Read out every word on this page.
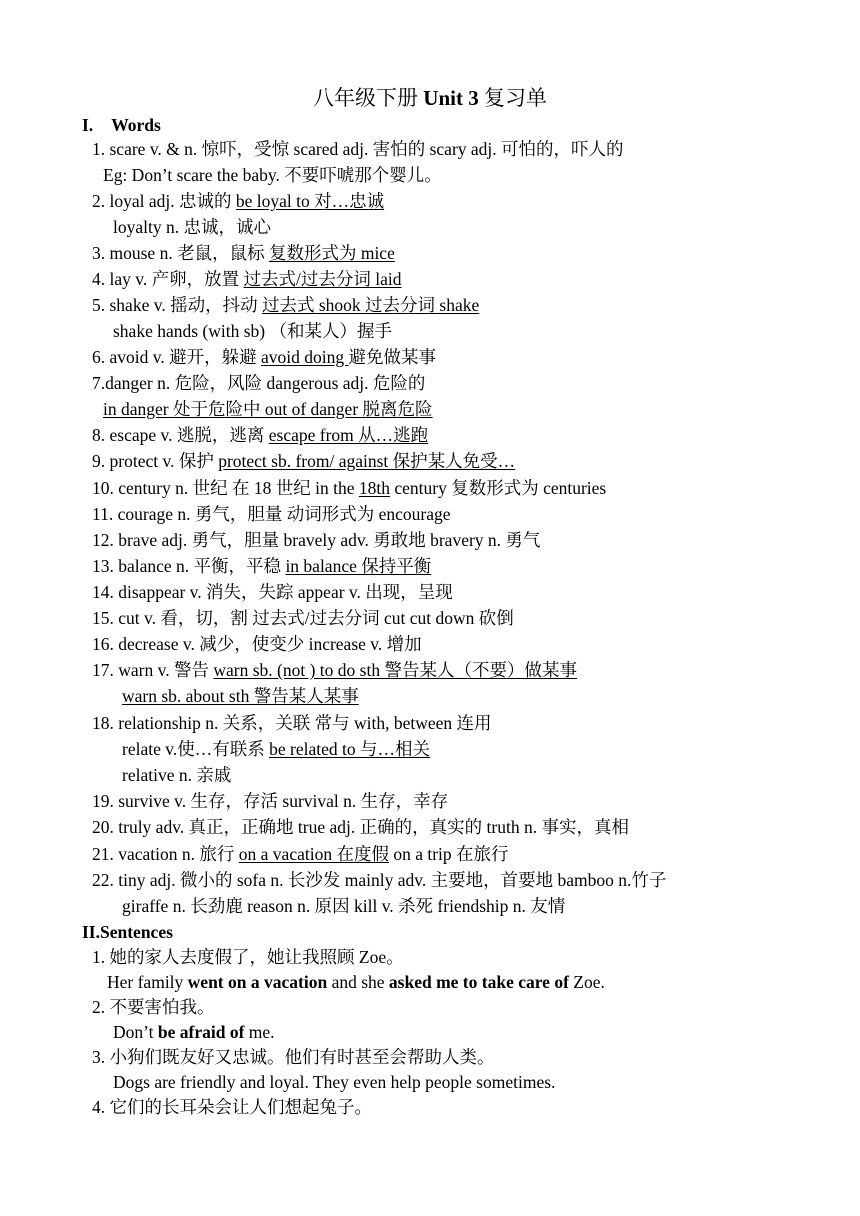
八年级下册 Unit 3 复习单
I. Words
1. scare v. & n. 惊吓，受惊 scared adj. 害怕的 scary adj. 可怕的，吓人的
Eg: Don’t scare the baby. 不要吓唬那个婴儿。
2. loyal adj. 忠诚的 be loyal to 对…忠诚
loyalty n. 忠诚，诚心
3. mouse n. 老鼠，鼠标 复数形式为 mice
4. lay v. 产卵，放置 过去式/过去分词 laid
5. shake v. 摇动，抖动 过去式 shook 过去分词 shake
shake hands (with sb) （和某人）握手
6. avoid v. 避开，躲避 avoid doing 避免做某事
7.danger n. 危险，风险 dangerous adj. 危险的
in danger 处于危险中 out of danger 脱离危险
8. escape v. 逃脱，逃离 escape from 从…逃跑
9. protect v. 保护 protect sb. from/ against 保护某人免受…
10. century n. 世纪 在 18 世纪 in the 18th century 复数形式为 centuries
11. courage n. 勇气，胆量 动词形式为 encourage
12. brave adj. 勇气，胆量 bravely adv. 勇敢地 bravery n. 勇气
13. balance n. 平衡，平稳 in balance 保持平衡
14. disappear v. 消失，失踪 appear v. 出现，呈现
15. cut v. 看，切，割 过去式/过去分词 cut cut down 砍倒
16. decrease v. 减少，使变少 increase v. 增加
17. warn v. 警告 warn sb. (not ) to do sth 警告某人（不要）做某事
warn sb. about sth 警告某人某事
18. relationship n. 关系，关联 常与 with, between 连用
relate v.使…有联系 be related to 与…相关
relative n. 亲戚
19. survive v. 生存，存活 survival n. 生存，幸存
20. truly adv. 真正，正确地 true adj. 正确的，真实的 truth n. 事实，真相
21. vacation n. 旅行 on a vacation 在度假 on a trip 在旅行
22. tiny adj. 微小的 sofa n. 长沙发 mainly adv. 主要地，首要地 bamboo n.竹子
giraffe n. 长劲鹿 reason n. 原因 kill v. 杀死 friendship n. 友情
II.Sentences
1. 她的家人去度假了，她让我照顾 Zoe。
Her family went on a vacation and she asked me to take care of Zoe.
2. 不要害怕我。
Don’t be afraid of me.
3. 小狗们既友好又忠诚。他们有时甚至会帮助人类。
Dogs are friendly and loyal. They even help people sometimes.
4. 它们的长耳朵会让人们想起兔子。
